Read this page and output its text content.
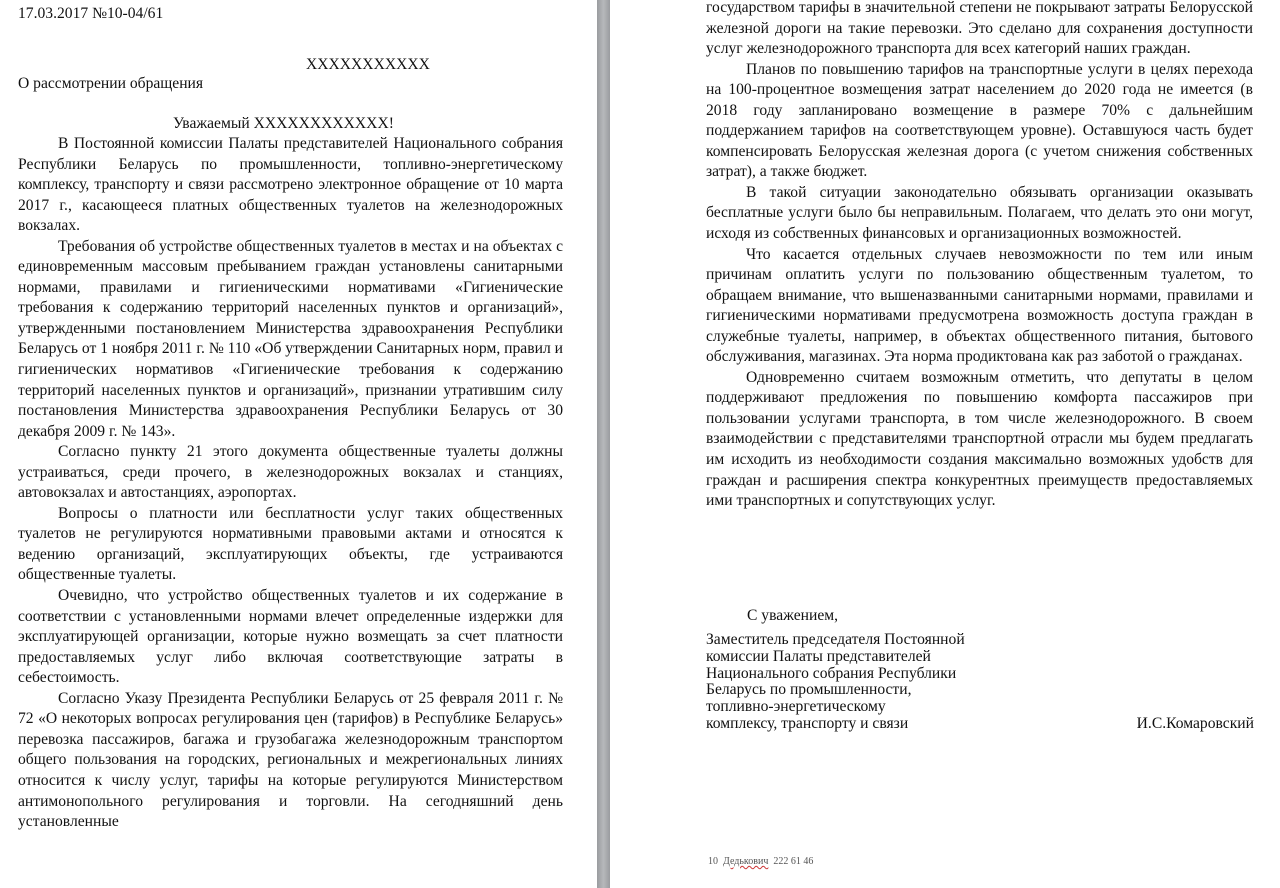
17.03.2017 №10-04/61
XXXXXXXXXXX
О рассмотрении обращения
Уважаемый XXXXXXXXXXXX!

В Постоянной комиссии Палаты представителей Национального собрания Республики Беларусь по промышленности, топливно-энергетическому комплексу, транспорту и связи рассмотрено электронное обращение от 10 марта 2017 г., касающееся платных общественных туалетов на железнодорожных вокзалах.

Требования об устройстве общественных туалетов в местах и на объектах с единовременным массовым пребыванием граждан установлены санитарными нормами, правилами и гигиеническими нормативами «Гигиенические требования к содержанию территорий населенных пунктов и организаций», утвержденными постановлением Министерства здравоохранения Республики Беларусь от 1 ноября 2011 г. № 110 «Об утверждении Санитарных норм, правил и гигиенических нормативов «Гигиенические требования к содержанию территорий населенных пунктов и организаций», признании утратившим силу постановления Министерства здравоохранения Республики Беларусь от 30 декабря 2009 г. № 143».

Согласно пункту 21 этого документа общественные туалеты должны устраиваться, среди прочего, в железнодорожных вокзалах и станциях, автовокзалах и автостанциях, аэропортах.

Вопросы о платности или бесплатности услуг таких общественных туалетов не регулируются нормативными правовыми актами и относятся к ведению организаций, эксплуатирующих объекты, где устраиваются общественные туалеты.

Очевидно, что устройство общественных туалетов и их содержание в соответствии с установленными нормами влечет определенные издержки для эксплуатирующей организации, которые нужно возмещать за счет платности предоставляемых услуг либо включая соответствующие затраты в себестоимость.

Согласно Указу Президента Республики Беларусь от 25 февраля 2011 г. № 72 «О некоторых вопросах регулирования цен (тарифов) в Республике Беларусь» перевозка пассажиров, багажа и грузобагажа железнодорожным транспортом общего пользования на городских, региональных и межрегиональных линиях относится к числу услуг, тарифы на которые регулируются Министерством антимонопольного регулирования и торговли. На сегодняшний день установленные

государством тарифы в значительной степени не покрывают затраты Белорусской железной дороги на такие перевозки. Это сделано для сохранения доступности услуг железнодорожного транспорта для всех категорий наших граждан.

Планов по повышению тарифов на транспортные услуги в целях перехода на 100-процентное возмещения затрат населением до 2020 года не имеется (в 2018 году запланировано возмещение в размере 70% с дальнейшим поддержанием тарифов на соответствующем уровне). Оставшуюся часть будет компенсировать Белорусская железная дорога (с учетом снижения собственных затрат), а также бюджет.

В такой ситуации законодательно обязывать организации оказывать бесплатные услуги было бы неправильным. Полагаем, что делать это они могут, исходя из собственных финансовых и организационных возможностей.

Что касается отдельных случаев невозможности по тем или иным причинам оплатить услуги по пользованию общественным туалетом, то обращаем внимание, что вышеназванными санитарными нормами, правилами и гигиеническими нормативами предусмотрена возможность доступа граждан в служебные туалеты, например, в объектах общественного питания, бытового обслуживания, магазинах. Эта норма продиктована как раз заботой о гражданах.

Одновременно считаем возможным отметить, что депутаты в целом поддерживают предложения по повышению комфорта пассажиров при пользовании услугами транспорта, в том числе железнодорожного. В своем взаимодействии с представителями транспортной отрасли мы будем предлагать им исходить из необходимости создания максимально возможных удобств для граждан и расширения спектра конкурентных преимуществ предоставляемых ими транспортных и сопутствующих услуг.

С уважением,
Заместитель председателя Постоянной
комиссии Палаты представителей
Национального собрания Республики
Беларусь по промышленности,
топливно-энергетическому
комплексу, транспорту и связи	И.С.Комаровский
10 Дедькович 222 61 46
